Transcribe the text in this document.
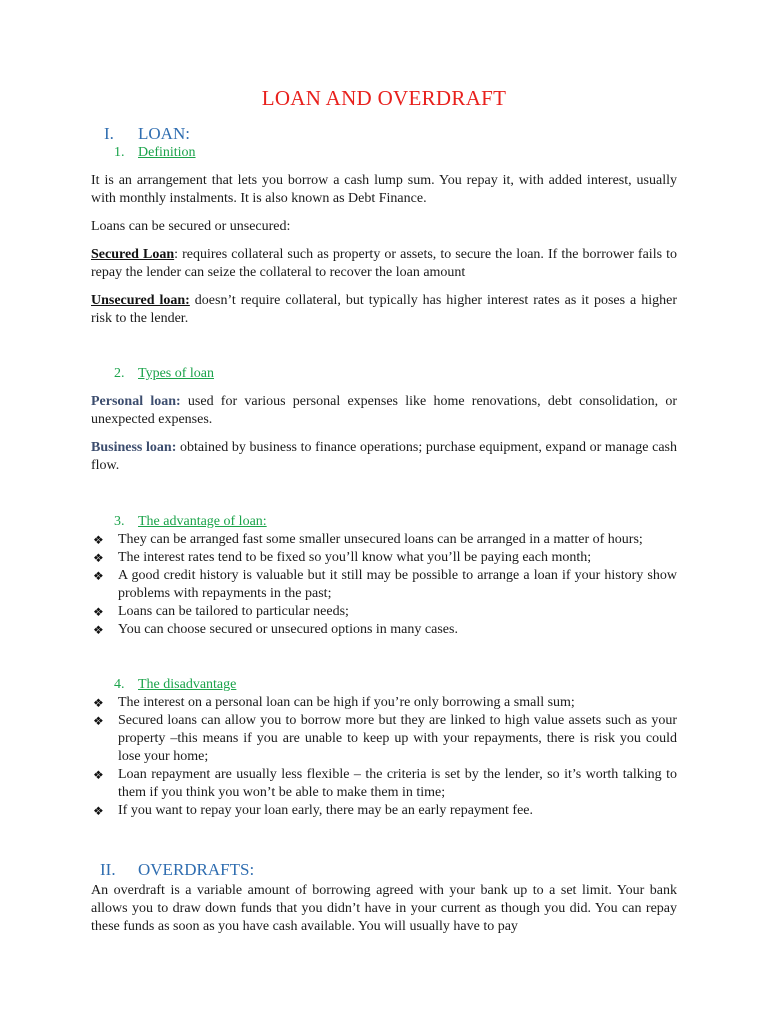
LOAN AND OVERDRAFT
I. LOAN:
1. Definition
It is an arrangement that lets you borrow a cash lump sum. You repay it, with added interest, usually with monthly instalments. It is also known as Debt Finance.
Loans can be secured or unsecured:
Secured Loan: requires collateral such as property or assets, to secure the loan. If the borrower fails to repay the lender can seize the collateral to recover the loan amount
Unsecured loan: doesn’t require collateral, but typically has higher interest rates as it poses a higher risk to the lender.
2. Types of loan
Personal loan: used for various personal expenses like home renovations, debt consolidation, or unexpected expenses.
Business loan: obtained by business to finance operations; purchase equipment, expand or manage cash flow.
3. The advantage of loan:
❖ They can be arranged fast some smaller unsecured loans can be arranged in a matter of hours;
❖ The interest rates tend to be fixed so you’ll know what you’ll be paying each month;
❖ A good credit history is valuable but it still may be possible to arrange a loan if your history show problems with repayments in the past;
❖ Loans can be tailored to particular needs;
❖ You can choose secured or unsecured options in many cases.
4. The disadvantage
❖ The interest on a personal loan can be high if you’re only borrowing a small sum;
❖ Secured loans can allow you to borrow more but they are linked to high value assets such as your property –this means if you are unable to keep up with your repayments, there is risk you could lose your home;
❖ Loan repayment are usually less flexible – the criteria is set by the lender, so it’s worth talking to them if you think you won’t be able to make them in time;
❖ If you want to repay your loan early, there may be an early repayment fee.
II. OVERDRAFTS:
An overdraft is a variable amount of borrowing agreed with your bank up to a set limit. Your bank allows you to draw down funds that you didn’t have in your current as though you did. You can repay these funds as soon as you have cash available. You will usually have to pay
